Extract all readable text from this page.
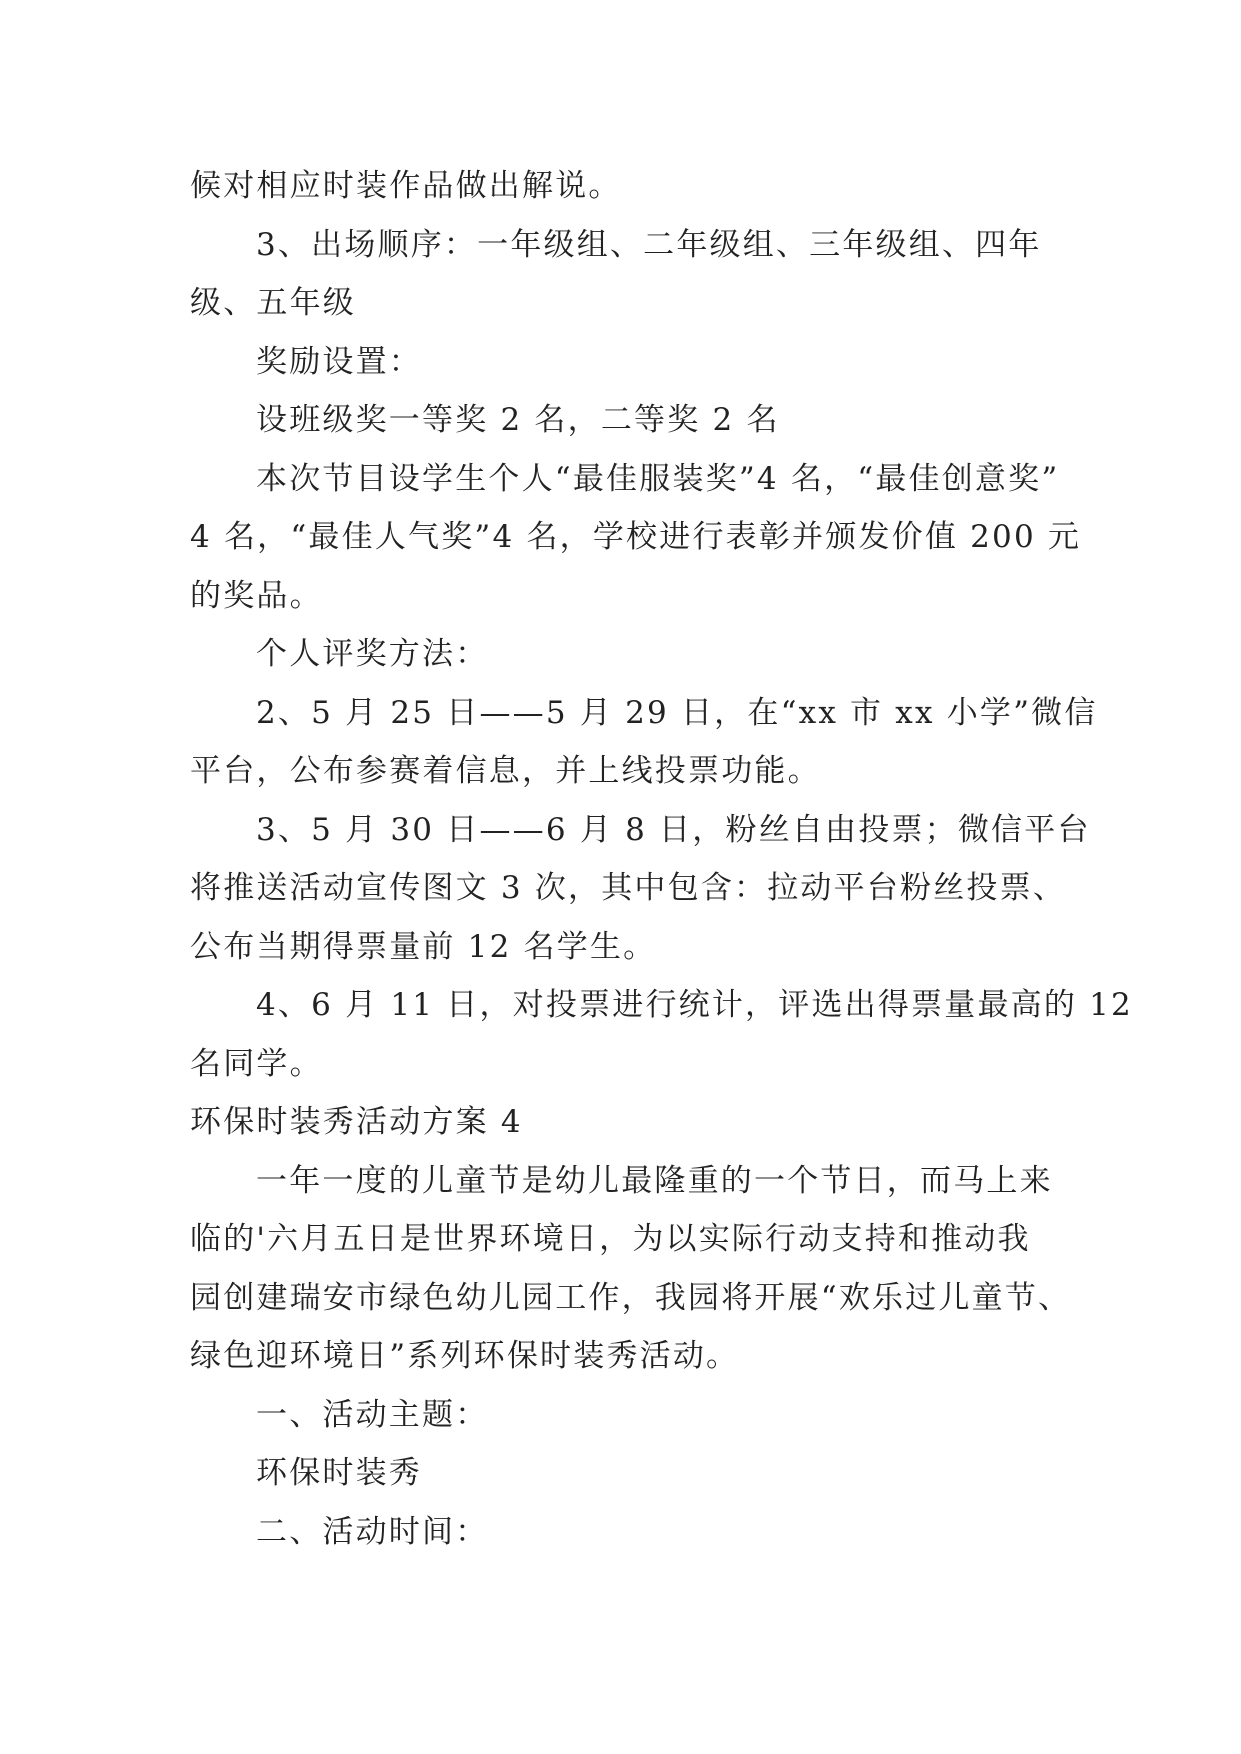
候对相应时装作品做出解说。
3、出场顺序：一年级组、二年级组、三年级组、四年
级、五年级
奖励设置：
设班级奖一等奖 2 名，二等奖 2 名
本次节目设学生个人“最佳服装奖”4 名，“最佳创意奖”
4 名，“最佳人气奖”4 名，学校进行表彰并颁发价值 200 元
的奖品。
个人评奖方法：
2、5 月 25 日——5 月 29 日，在“xx 市 xx 小学”微信
平台，公布参赛着信息，并上线投票功能。
3、5 月 30 日——6 月 8 日，粉丝自由投票；微信平台
将推送活动宣传图文 3 次，其中包含：拉动平台粉丝投票、
公布当期得票量前 12 名学生。
4、6 月 11 日，对投票进行统计，评选出得票量最高的 12
名同学。
环保时装秀活动方案 4
一年一度的儿童节是幼儿最隆重的一个节日，而马上来
临的'六月五日是世界环境日，为以实际行动支持和推动我
园创建瑞安市绿色幼儿园工作，我园将开展“欢乐过儿童节、
绿色迎环境日”系列环保时装秀活动。
一、活动主题：
环保时装秀
二、活动时间：
